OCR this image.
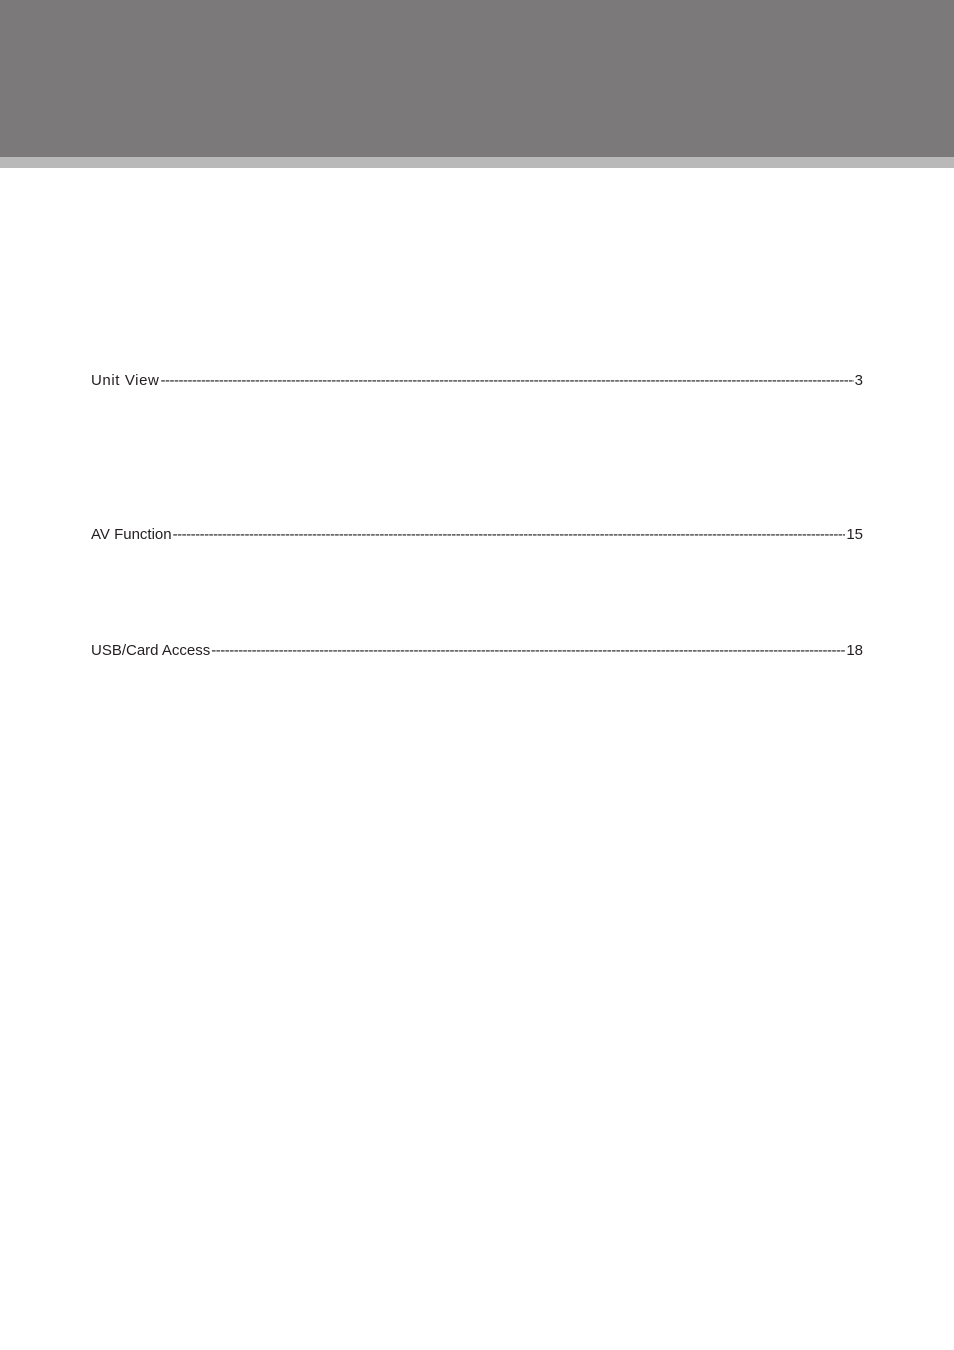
Unit View -----	3
AV Function -----	15
USB/Card Access -----	18
